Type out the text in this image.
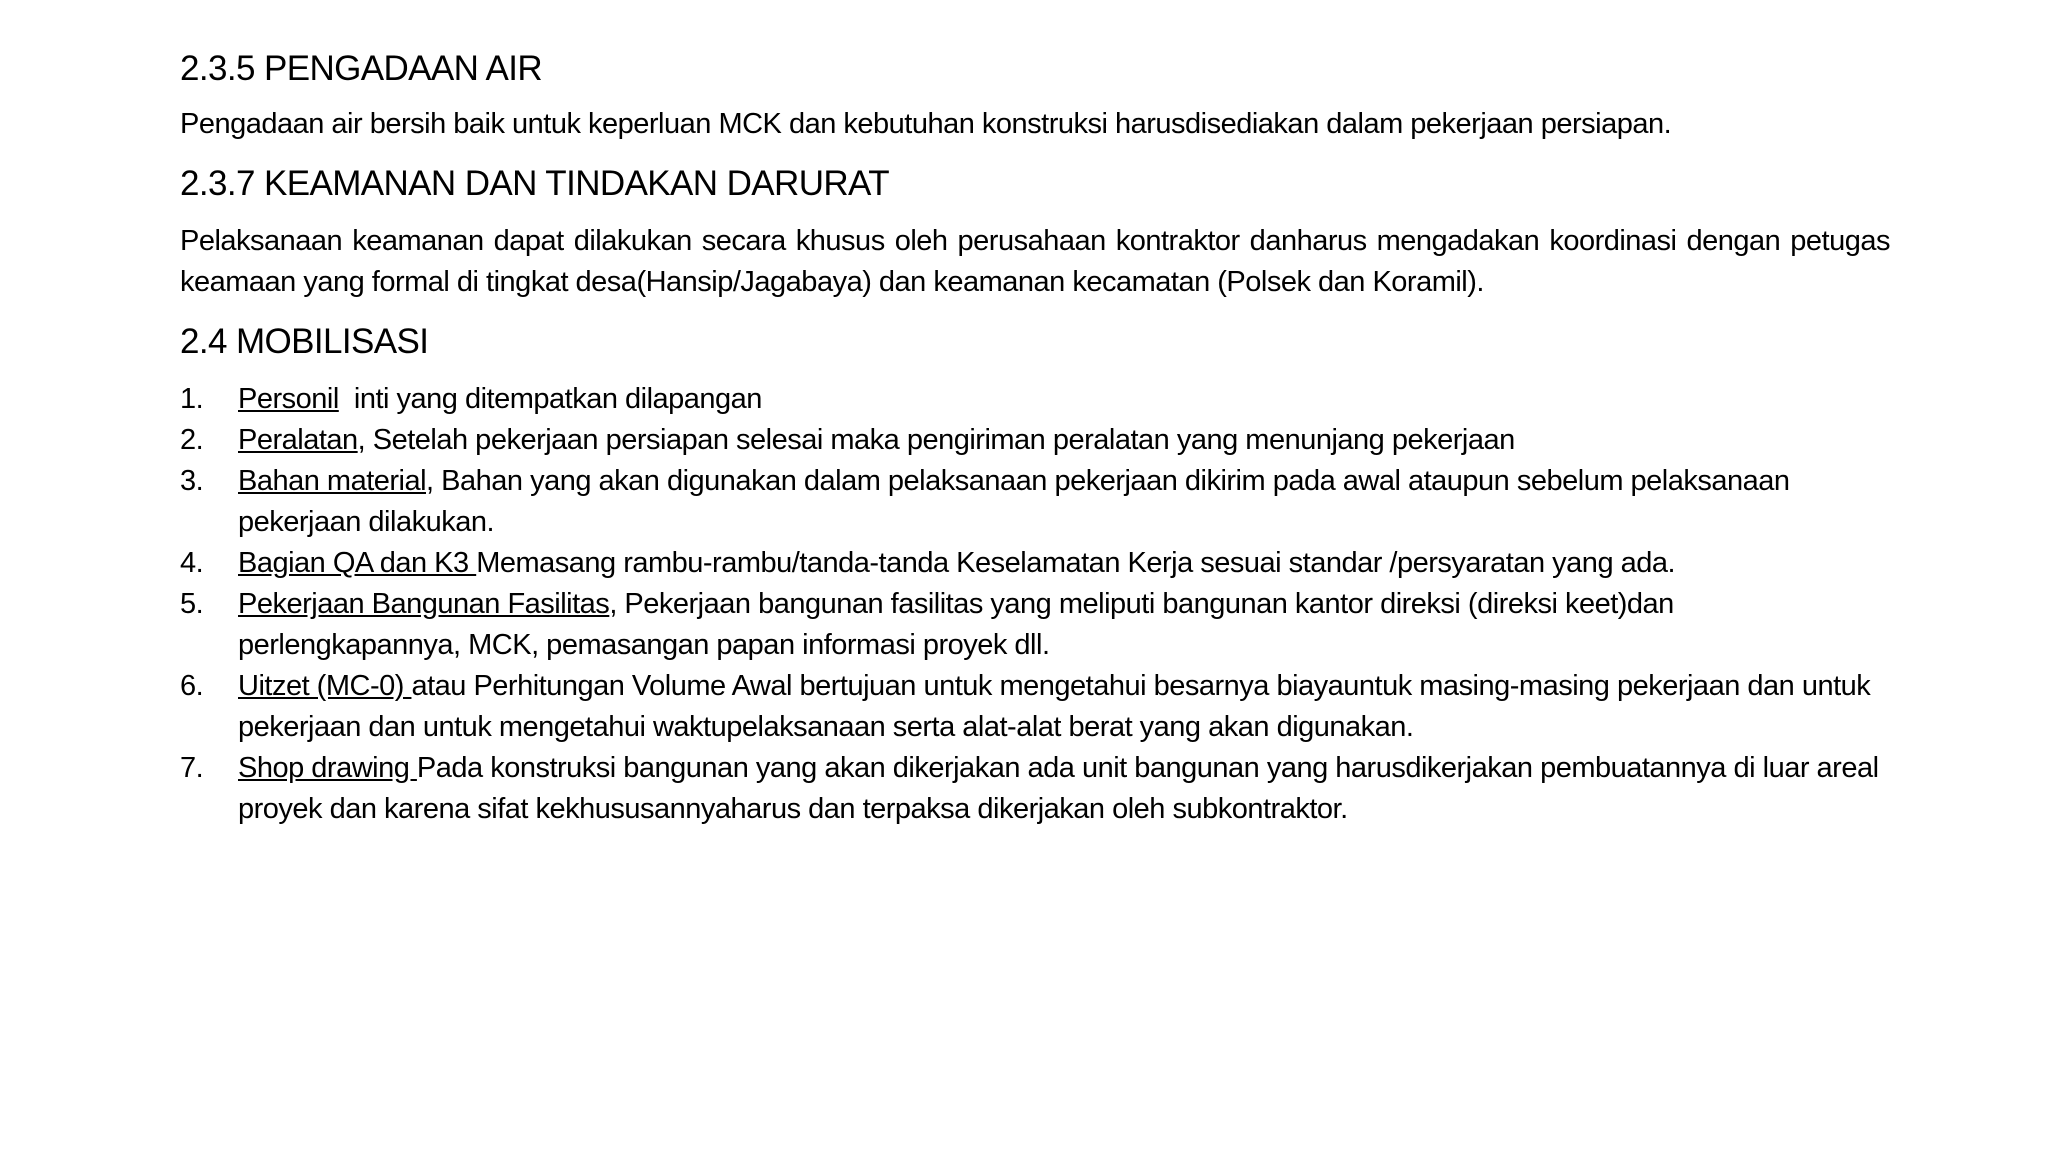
2.3.5 PENGADAAN AIR

Pengadaan air bersih baik untuk keperluan MCK dan kebutuhan konstruksi harusdisediakan dalam pekerjaan persiapan.

2.3.7 KEAMANAN DAN TINDAKAN DARURAT

Pelaksanaan keamanan dapat dilakukan secara khusus oleh perusahaan kontraktor danharus mengadakan koordinasi dengan petugas keamaan yang formal di tingkat desa(Hansip/Jagabaya) dan keamanan kecamatan (Polsek dan Koramil).

2.4 MOBILISASI
1. Personil  inti yang ditempatkan dilapangan
2. Peralatan, Setelah pekerjaan persiapan selesai maka pengiriman peralatan yang menunjang pekerjaan
3. Bahan material, Bahan yang akan digunakan dalam pelaksanaan pekerjaan dikirim pada awal ataupun sebelum pelaksanaan pekerjaan dilakukan.
4. Bagian QA dan K3 Memasang rambu-rambu/tanda-tanda Keselamatan Kerja sesuai standar /persyaratan yang ada.
5. Pekerjaan Bangunan Fasilitas, Pekerjaan bangunan fasilitas yang meliputi bangunan kantor direksi (direksi keet)dan perlengkapannya, MCK, pemasangan papan informasi proyek dll.
6. Uitzet (MC-0) atau Perhitungan Volume Awal bertujuan untuk mengetahui besarnya biayauntuk masing-masing pekerjaan dan untuk pekerjaan dan untuk mengetahui waktupelaksanaan serta alat-alat berat yang akan digunakan.
7. Shop drawing Pada konstruksi bangunan yang akan dikerjakan ada unit bangunan yang harusdikerjakan pembuatannya di luar areal proyek dan karena sifat kekhususannyaharus dan terpaksa dikerjakan oleh subkontraktor.
